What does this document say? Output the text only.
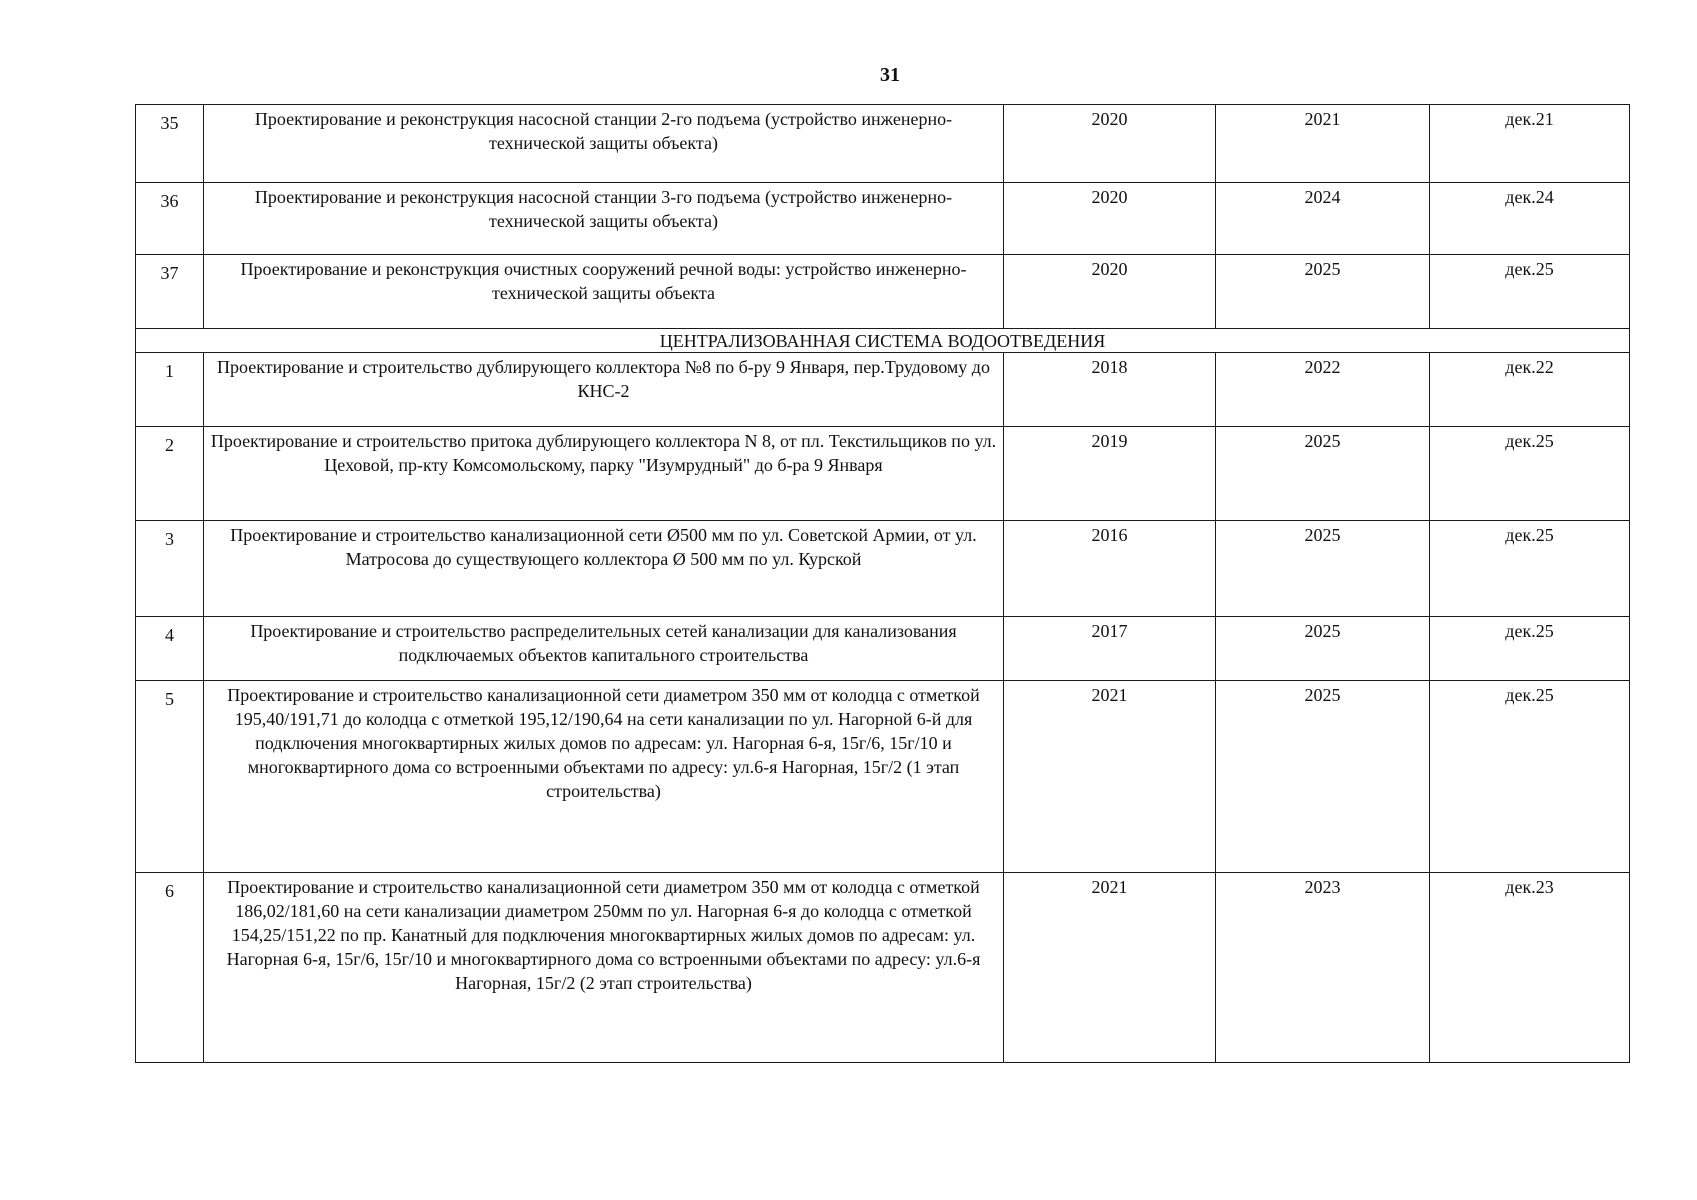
31
35	Проектирование и реконструкция насосной станции 2-го подъема (устройство инженерно-технической защиты объекта)	2020	2021	дек.21
36	Проектирование и реконструкция насосной станции 3-го подъема (устройство инженерно-технической защиты объекта)	2020	2024	дек.24
37	Проектирование и реконструкция очистных сооружений речной воды: устройство инженерно-технической защиты объекта	2020	2025	дек.25
ЦЕНТРАЛИЗОВАННАЯ СИСТЕМА ВОДООТВЕДЕНИЯ				
1	Проектирование и строительство дублирующего коллектора №8 по б-ру 9 Января, пер.Трудовому до КНС-2	2018	2022	дек.22
2	Проектирование и строительство притока дублирующего коллектора N 8, от пл. Текстильщиков по ул. Цеховой, пр-кту Комсомольскому, парку "Изумрудный" до б-ра 9 Января	2019	2025	дек.25
3	Проектирование и строительство канализационной сети Ø500 мм по ул. Советской Армии, от ул. Матросова до существующего коллектора Ø 500 мм по ул. Курской	2016	2025	дек.25
4	Проектирование и строительство распределительных сетей канализации для канализования подключаемых объектов капитального строительства	2017	2025	дек.25
5	Проектирование и строительство канализационной сети диаметром 350 мм от колодца с отметкой 195,40/191,71 до колодца с отметкой 195,12/190,64 на сети канализации по ул. Нагорной 6-й для подключения многоквартирных жилых домов по адресам: ул. Нагорная 6-я, 15г/6, 15г/10 и многоквартирного дома со встроенными объектами по адресу: ул.6-я Нагорная, 15г/2 (1 этап строительства)	2021	2025	дек.25
6	Проектирование и строительство канализационной сети диаметром 350 мм от колодца с отметкой 186,02/181,60 на сети канализации диаметром 250мм по ул. Нагорная 6-я до колодца с отметкой 154,25/151,22 по пр. Канатный для подключения многоквартирных жилых домов по адресам: ул. Нагорная 6-я, 15г/6, 15г/10 и многоквартирного дома со встроенными объектами по адресу: ул.6-я Нагорная, 15г/2 (2 этап строительства)	2021	2023	дек.23
